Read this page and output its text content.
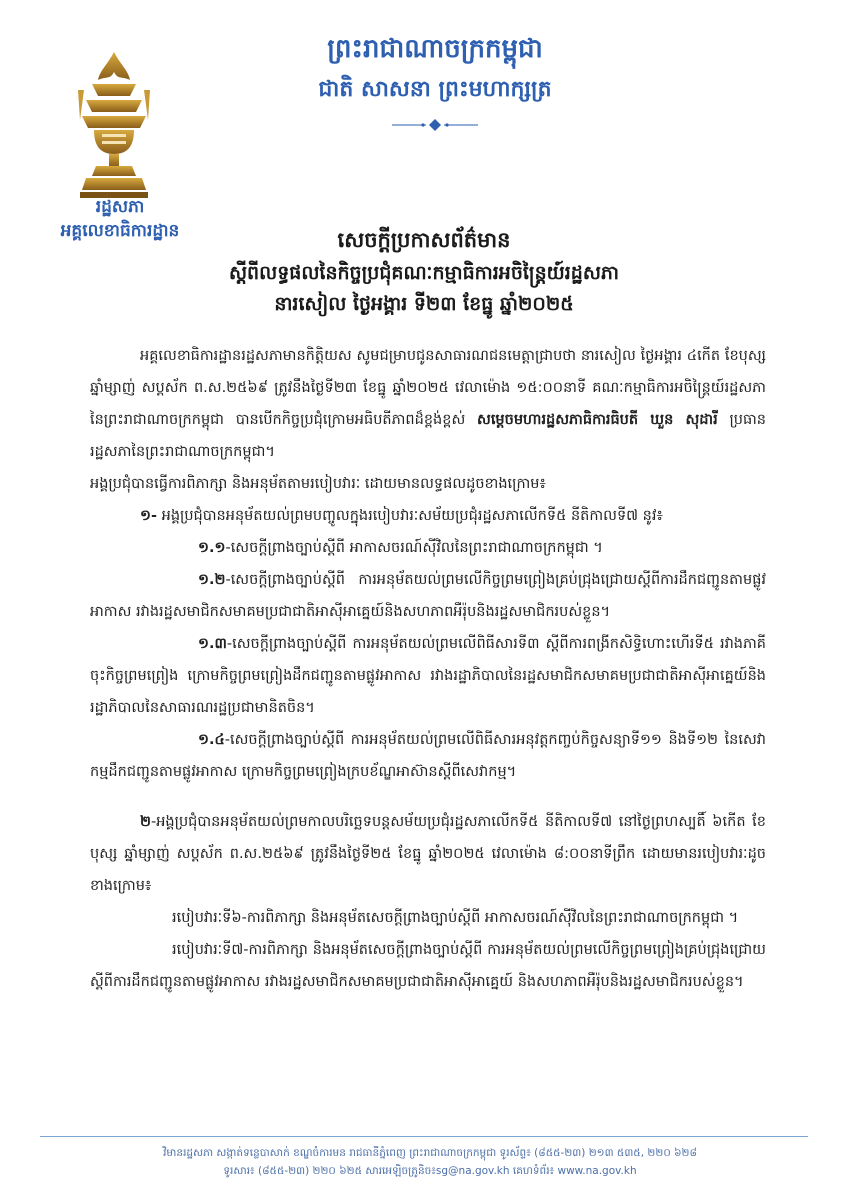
រដ្ឋសភា
អគ្គលេខាធិការដ្ឋាន
ព្រះរាជាណាចក្រកម្ពុជា
ជាតិ សាសនា ព្រះមហាក្សត្រ

សេចក្ដីប្រកាសព័ត៌មាន

ស្ដីពីលទ្ធផលនៃកិច្ចប្រជុំគណៈកម្មាធិការអចិន្ត្រៃយ៍រដ្ឋសភា

នារសៀល ថ្ងៃអង្គារ ទី២៣ ខែធ្នូ ឆ្នាំ២០២៥

អគ្គលេខាធិការដ្ឋានរដ្ឋសភាមានកិត្តិយស សូមជម្រាបជូនសាធារណជនមេត្តាជ្រាបថា នារសៀល ថ្ងៃអង្គារ ៤កើត ខែបុស្ស ឆ្នាំម្សាញ់ សប្តស័ក ព.ស.២៥៦៩ ត្រូវនឹងថ្ងៃទី២៣ ខែធ្នូ ឆ្នាំ២០២៥ វេលាម៉ោង ១៥:០០នាទី គណៈកម្មាធិការអចិន្ត្រៃយ៍រដ្ឋសភានៃព្រះរាជាណាចក្រកម្ពុជា បានបើកកិច្ចប្រជុំក្រោមអធិបតីភាពដ៏ខ្ពង់ខ្ពស់ សម្ដេចមហារដ្ឋសភាធិការធិបតី ឃួន សុដារី ប្រធានរដ្ឋសភានៃព្រះរាជាណាចក្រកម្ពុជា។

អង្គប្រជុំបានធ្វើការពិភាក្សា និងអនុម័តតាមរបៀបវារៈ ដោយមានលទ្ធផលដូចខាងក្រោម៖

១- អង្គប្រជុំបានអនុម័តយល់ព្រមបញ្ចូលក្នុងរបៀបវារៈសម័យប្រជុំរដ្ឋសភាលើកទី៥ នីតិកាលទី៧ នូវ៖

១.១-សេចក្ដីព្រាងច្បាប់ស្ដីពី អាកាសចរណ៍ស៊ីវិលនៃព្រះរាជាណាចក្រកម្ពុជា ។

១.២-សេចក្ដីព្រាងច្បាប់ស្ដីពី ការអនុម័តយល់ព្រមលើកិច្ចព្រមព្រៀងគ្រប់ជ្រុងជ្រោយស្ដីពីការដឹកជញ្ជូនតាមផ្លូវអាកាស រវាងរដ្ឋសមាជិកសមាគមប្រជាជាតិអាស៊ីអាគ្នេយ៍និងសហភាពអឺរ៉ុបនិងរដ្ឋសមាជិករបស់ខ្លួន។

១.៣-សេចក្ដីព្រាងច្បាប់ស្ដីពី ការអនុម័តយល់ព្រមលើពិធីសារទី៣ ស្ដីពីការពង្រីកសិទ្ធិហោះហើរទី៥ រវាងភាគីចុះកិច្ចព្រមព្រៀង ក្រោមកិច្ចព្រមព្រៀងដឹកជញ្ជូនតាមផ្លូវអាកាស រវាងរដ្ឋាភិបាលនៃរដ្ឋសមាជិកសមាគមប្រជាជាតិអាស៊ីអាគ្នេយ៍និងរដ្ឋាភិបាលនៃសាធារណរដ្ឋប្រជាមានិតចិន។

១.៤-សេចក្ដីព្រាងច្បាប់ស្ដីពី ការអនុម័តយល់ព្រមលើពិធីសារអនុវត្តកញ្ចប់កិច្ចសន្យាទី១១ និងទី១២ នៃសេវាកម្មដឹកជញ្ជូនតាមផ្លូវអាកាស ក្រោមកិច្ចព្រមព្រៀងក្របខ័ណ្ឌអាស៊ានស្ដីពីសេវាកម្ម។

២-អង្គប្រជុំបានអនុម័តយល់ព្រមកាលបរិច្ឆេទបន្តសម័យប្រជុំរដ្ឋសភាលើកទី៥ នីតិកាលទី៧ នៅថ្ងៃព្រហស្បតិ៍ ៦កើត ខែបុស្ស ឆ្នាំម្សាញ់ សប្តស័ក ព.ស.២៥៦៩ ត្រូវនឹងថ្ងៃទី២៥ ខែធ្នូ ឆ្នាំ២០២៥ វេលាម៉ោង ៨:០០នាទីព្រឹក ដោយមានរបៀបវារៈដូចខាងក្រោម៖

របៀបវារៈទី៦-ការពិភាក្សា និងអនុម័តសេចក្ដីព្រាងច្បាប់ស្ដីពី អាកាសចរណ៍ស៊ីវិលនៃព្រះរាជាណាចក្រកម្ពុជា ។

របៀបវារៈទី៧-ការពិភាក្សា និងអនុម័តសេចក្ដីព្រាងច្បាប់ស្ដីពី ការអនុម័តយល់ព្រមលើកិច្ចព្រមព្រៀងគ្រប់ជ្រុងជ្រោយស្ដីពីការដឹកជញ្ជូនតាមផ្លូវអាកាស រវាងរដ្ឋសមាជិកសមាគមប្រជាជាតិអាស៊ីអាគ្នេយ៍ និងសហភាពអឺរ៉ុបនិងរដ្ឋសមាជិករបស់ខ្លួន។

វិមានរដ្ឋសភា សង្កាត់ទន្លេបាសាក់ ខណ្ឌចំការមន រាជធានីភ្នំពេញ ព្រះរាជាណាចក្រកម្ពុជា ទូរស័ព្ទ៖ (៨៥៥-២៣) ២១៣ ៥៣៥, ២២០ ៦២៨
ទូរសារ៖ (៨៥៥-២៣) ២២០ ៦២៥ សារអេឡិចត្រូនិច៖sg@na.gov.kh គេហទំព័រ៖ www.na.gov.kh
